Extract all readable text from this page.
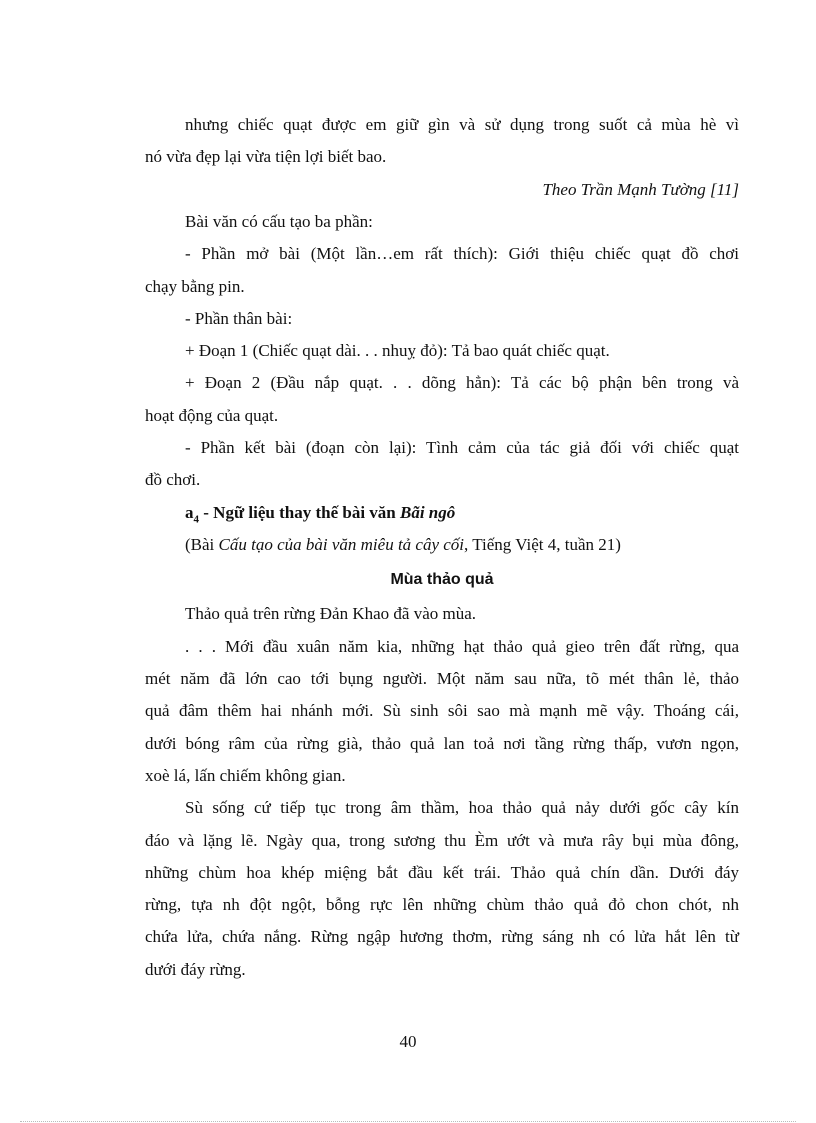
nhưng chiếc quạt được em giữ gìn và sử dụng trong suốt cả mùa hè vì

nó vừa đẹp lại vừa tiện lợi biết bao.

Theo Trần Mạnh Tường [11]

Bài văn có cấu tạo ba phần:

- Phần mở bài (Một lần…em rất thích): Giới thiệu chiếc quạt đồ chơi

chạy bằng pin.

- Phần thân bài:

+ Đoạn 1 (Chiếc quạt dài. . . nhuỵ đỏ): Tả bao quát chiếc quạt.

+ Đoạn 2 (Đầu nắp quạt. . . dõng hẳn): Tả các bộ phận bên trong và

hoạt động của quạt.

- Phần kết bài (đoạn còn lại): Tình cảm của tác giả đối với chiếc quạt

đồ chơi.

$a_4$ - Ngữ liệu thay thế bài văn Bãi ngô

(Bài Cấu tạo của bài văn miêu tả cây cối, Tiếng Việt 4, tuần 21)

Mùa thảo quả

Thảo quả trên rừng Đản Khao đã vào mùa.

. . . Mới đầu xuân năm kia, những hạt thảo quả gieo trên đất rừng, qua

mét năm đã lớn cao tới bụng người. Một năm sau nữa, tõ mét thân lẻ, thảo

quả đâm thêm hai nhánh mới. Sù sinh sôi sao mà mạnh mẽ vậy. Thoáng cái,

dưới bóng râm của rừng già, thảo quả lan toả nơi tầng rừng thấp, vươn ngọn,

xoè lá, lấn chiếm không gian.

Sù sống cứ tiếp tục trong âm thầm, hoa thảo quả nảy dưới gốc cây kín

đáo và lặng lẽ. Ngày qua, trong sương thu Èm ướt và mưa rây bụi mùa đông,

những chùm hoa khép miệng bắt đầu kết trái. Thảo quả chín dần. Dưới đáy

rừng, tựa nh đột ngột, bỗng rực lên những chùm thảo quả đỏ chon chót, nh

chứa lửa, chứa nắng. Rừng ngập hương thơm, rừng sáng nh có lửa hắt lên từ

dưới đáy rừng.

40
